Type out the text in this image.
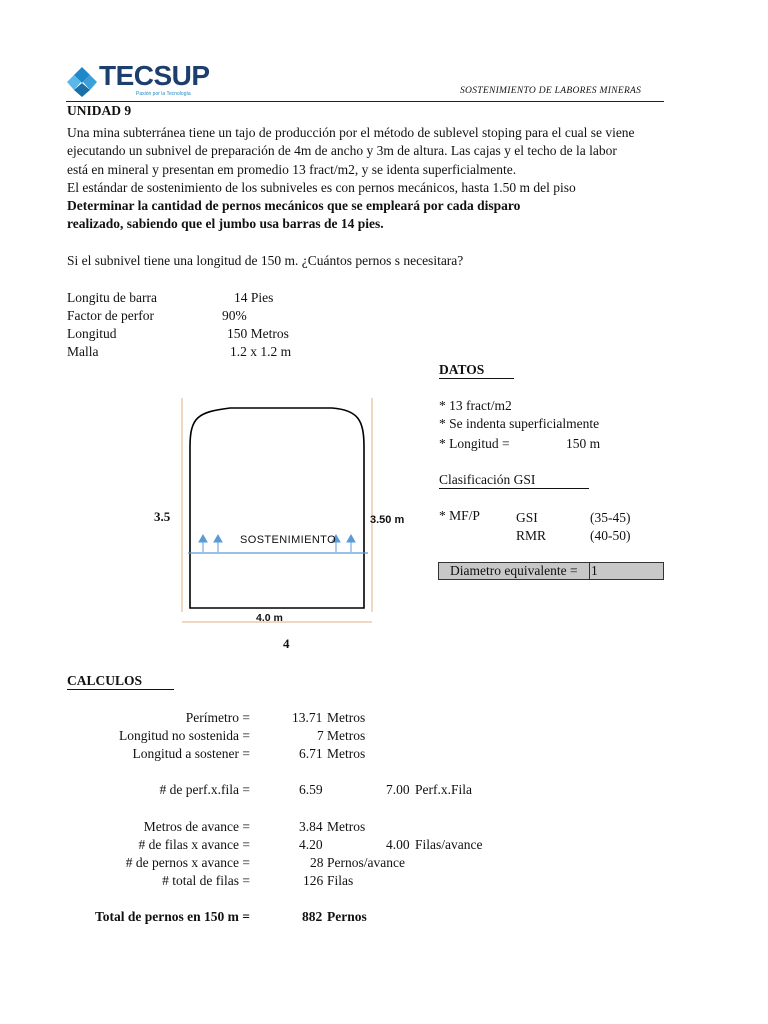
TECSUP
Pasión por la Tecnología	SOSTENIMIENTO DE LABORES MINERAS
UNIDAD 9
Una mina subterránea tiene un tajo de producción por el método de sublevel stoping para el cual se viene
ejecutando un subnivel de preparación de 4m de ancho y 3m de altura. Las cajas y el techo de la labor
está en mineral y presentan em promedio 13 fract/m2, y se identa superficialmente.
El estándar de sostenimiento de los subniveles es con pernos mecánicos, hasta 1.50 m del piso
Determinar la cantidad de pernos mecánicos que se empleará por cada disparo
realizado, sabiendo que el jumbo usa barras de 14 pies.
Si el subnivel tiene una longitud de 150 m. ¿Cuántos pernos s necesitara?
Longitu de barra	14 Pies
Factor de perfor	90%
Longitud	150 Metros
Malla	1.2 x 1.2 m
DATOS
* 13 fract/m2
* Se indenta superficialmente
* Longitud =	150 m
Clasificación GSI
* MF/P	GSI	(35-45)
RMR	(40-50)
Diametro equivalente = 1
SOSTENIMIENTO
3.5	3.50 m
4.0 m
4
CALCULOS
Perímetro =	13.71 Metros
Longitud no sostenida =	7 Metros
Longitud a sostener =	6.71 Metros
# de perf.x.fila =	6.59	7.00 Perf.x.Fila
Metros de avance =	3.84 Metros
# de filas x avance =	4.20	4.00 Filas/avance
# de pernos x avance =	28 Pernos/avance
# total de filas =	126 Filas
Total de pernos en 150 m =	882 Pernos
